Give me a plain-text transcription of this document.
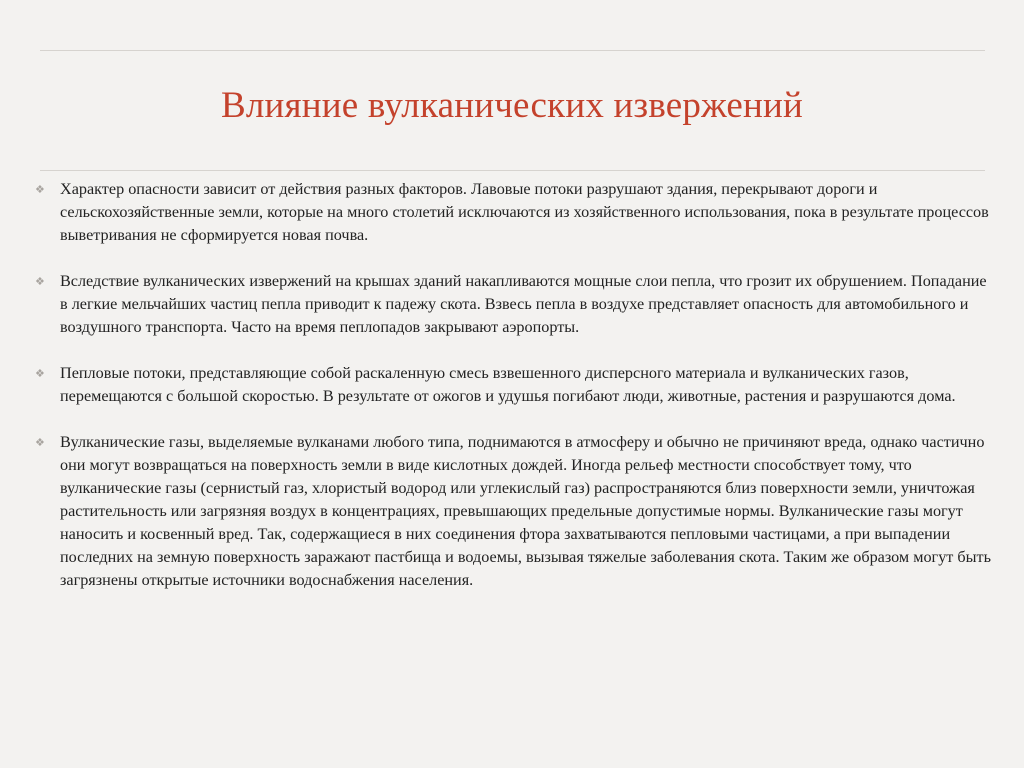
Влияние вулканических извержений
❖ Характер опасности зависит от действия разных факторов. Лавовые потоки разрушают здания, перекрывают дороги и сельскохозяйственные земли, которые на много столетий исключаются из хозяйственного использования, пока в результате процессов выветривания не сформируется новая почва.
❖ Вследствие вулканических извержений на крышах зданий накапливаются мощные слои пепла, что грозит их обрушением. Попадание в легкие мельчайших частиц пепла приводит к падежу скота. Взвесь пепла в воздухе представляет опасность для автомобильного и воздушного транспорта. Часто на время пеплопадов закрывают аэропорты.
❖ Пепловые потоки, представляющие собой раскаленную смесь взвешенного дисперсного материала и вулканических газов, перемещаются с большой скоростью. В результате от ожогов и удушья погибают люди, животные, растения и разрушаются дома.
❖ Вулканические газы, выделяемые вулканами любого типа, поднимаются в атмосферу и обычно не причиняют вреда, однако частично они могут возвращаться на поверхность земли в виде кислотных дождей. Иногда рельеф местности способствует тому, что вулканические газы (сернистый газ, хлористый водород или углекислый газ) распространяются близ поверхности земли, уничтожая растительность или загрязняя воздух в концентрациях, превышающих предельные допустимые нормы. Вулканические газы могут наносить и косвенный вред. Так, содержащиеся в них соединения фтора захватываются пепловыми частицами, а при выпадении последних на земную поверхность заражают пастбища и водоемы, вызывая тяжелые заболевания скота. Таким же образом могут быть загрязнены открытые источники водоснабжения населения.
